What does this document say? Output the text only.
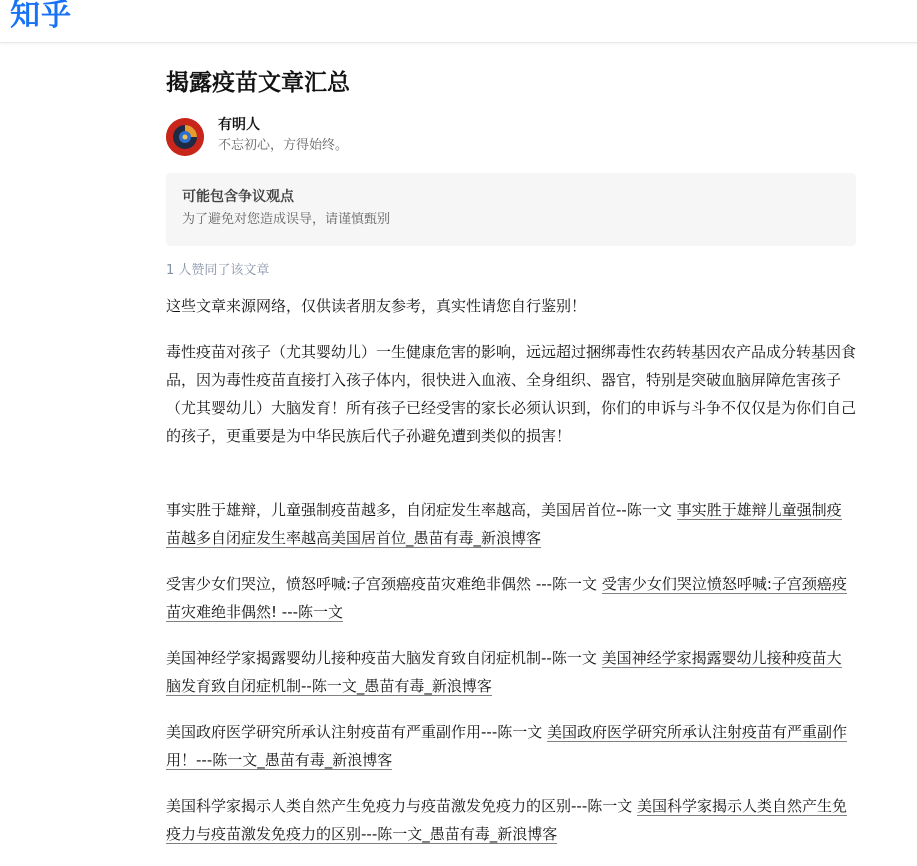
知乎
揭露疫苗文章汇总
有明人
不忘初心，方得始终。
可能包含争议观点
为了避免对您造成误导，请谨慎甄别
1 人赞同了该文章

这些文章来源网络，仅供读者朋友参考，真实性请您自行鉴别！

毒性疫苗对孩子（尤其婴幼儿）一生健康危害的影响，远远超过捆绑毒性农药转基因农产品成分转基因食品，因为毒性疫苗直接打入孩子体内，很快进入血液、全身组织、器官，特别是突破血脑屏障危害孩子（尤其婴幼儿）大脑发育！所有孩子已经受害的家长必须认识到，你们的申诉与斗争不仅仅是为你们自己的孩子，更重要是为中华民族后代子孙避免遭到类似的损害！

事实胜于雄辩，儿童强制疫苗越多，自闭症发生率越高，美国居首位--陈一文 事实胜于雄辩儿童强制疫苗越多自闭症发生率越高美国居首位_愚苗有毒_新浪博客

受害少女们哭泣，愤怒呼喊:子宫颈癌疫苗灾难绝非偶然 ---陈一文 受害少女们哭泣愤怒呼喊:子宫颈癌疫苗灾难绝非偶然! ---陈一文

美国神经学家揭露婴幼儿接种疫苗大脑发育致自闭症机制--陈一文 美国神经学家揭露婴幼儿接种疫苗大脑发育致自闭症机制--陈一文_愚苗有毒_新浪博客

美国政府医学研究所承认注射疫苗有严重副作用---陈一文 美国政府医学研究所承认注射疫苗有严重副作用！---陈一文_愚苗有毒_新浪博客

美国科学家揭示人类自然产生免疫力与疫苗激发免疫力的区别---陈一文 美国科学家揭示人类自然产生免疫力与疫苗激发免疫力的区别---陈一文_愚苗有毒_新浪博客
